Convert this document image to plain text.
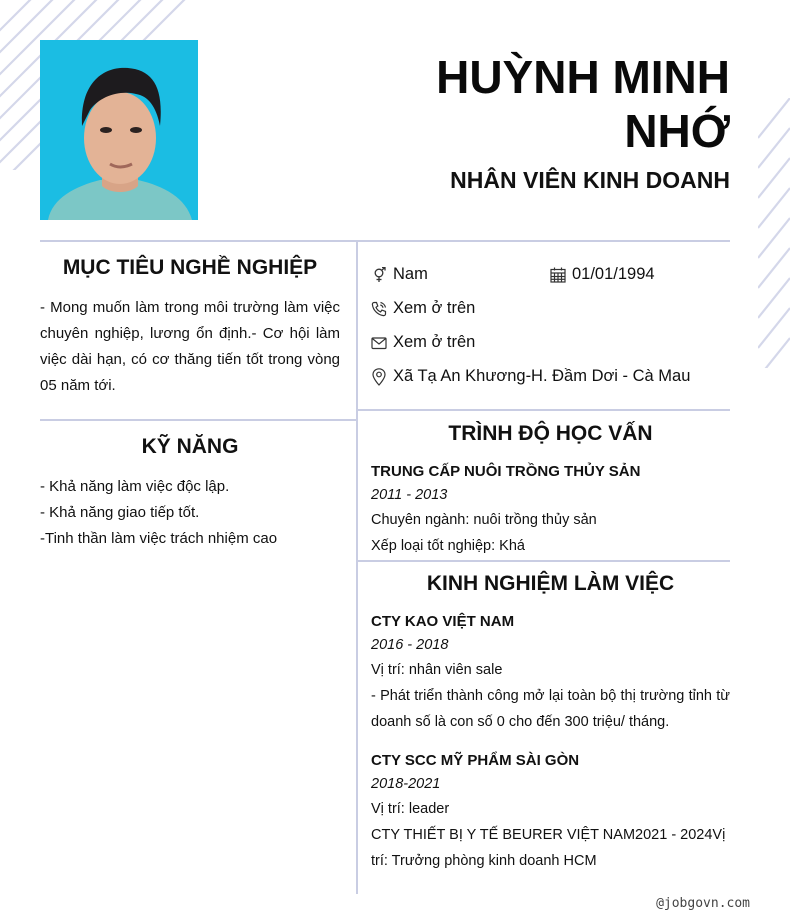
HUỲNH MINH
NHỚ
NHÂN VIÊN KINH DOANH
MỤC TIÊU NGHỀ NGHIỆP
- Mong muốn làm trong môi trường làm việc chuyên nghiệp, lương ổn định.- Cơ hội làm việc dài hạn, có cơ thăng tiến tốt trong vòng 05 năm tới.
KỸ NĂNG
- Khả năng làm việc độc lập.
- Khả năng giao tiếp tốt.
-Tinh thần làm việc trách nhiệm cao
Nam	01/01/1994
Xem ở trên
Xem ở trên
Xã Tạ An Khương-H. Đầm Dơi - Cà Mau
TRÌNH ĐỘ HỌC VẤN
TRUNG CẤP NUÔI TRỒNG THỦY SẢN
2011 - 2013
Chuyên ngành: nuôi trồng thủy sản
Xếp loại tốt nghiệp: Khá
KINH NGHIỆM LÀM VIỆC
CTY KAO VIỆT NAM
2016 - 2018
Vị trí: nhân viên sale
- Phát triển thành công mở lại toàn bộ thị trường tỉnh từ doanh số là con số 0 cho đến 300 triệu/ tháng.
CTY SCC MỸ PHẨM SÀI GÒN
2018-2021
Vị trí: leader
CTY THIẾT BỊ Y TẾ BEURER VIỆT NAM2021 - 2024Vị trí: Trưởng phòng kinh doanh HCM
@jobgovn.com
